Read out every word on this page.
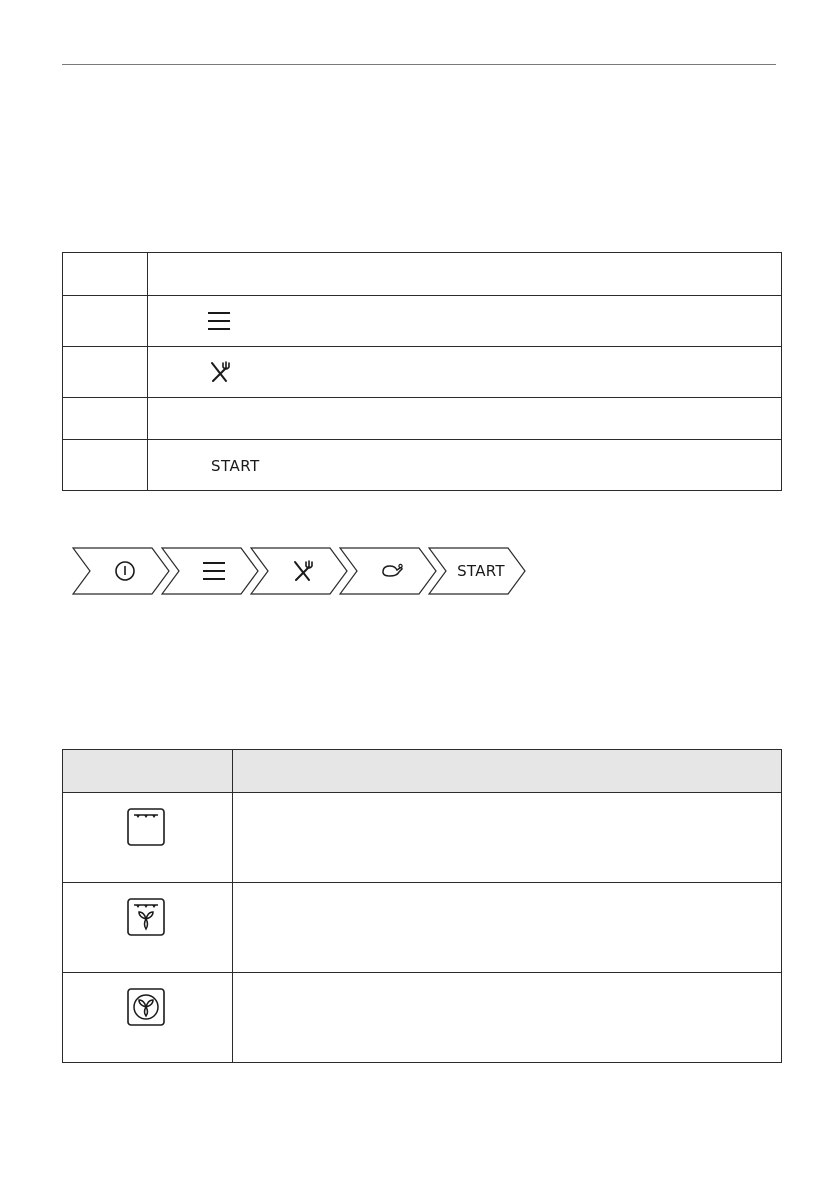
	START
START
